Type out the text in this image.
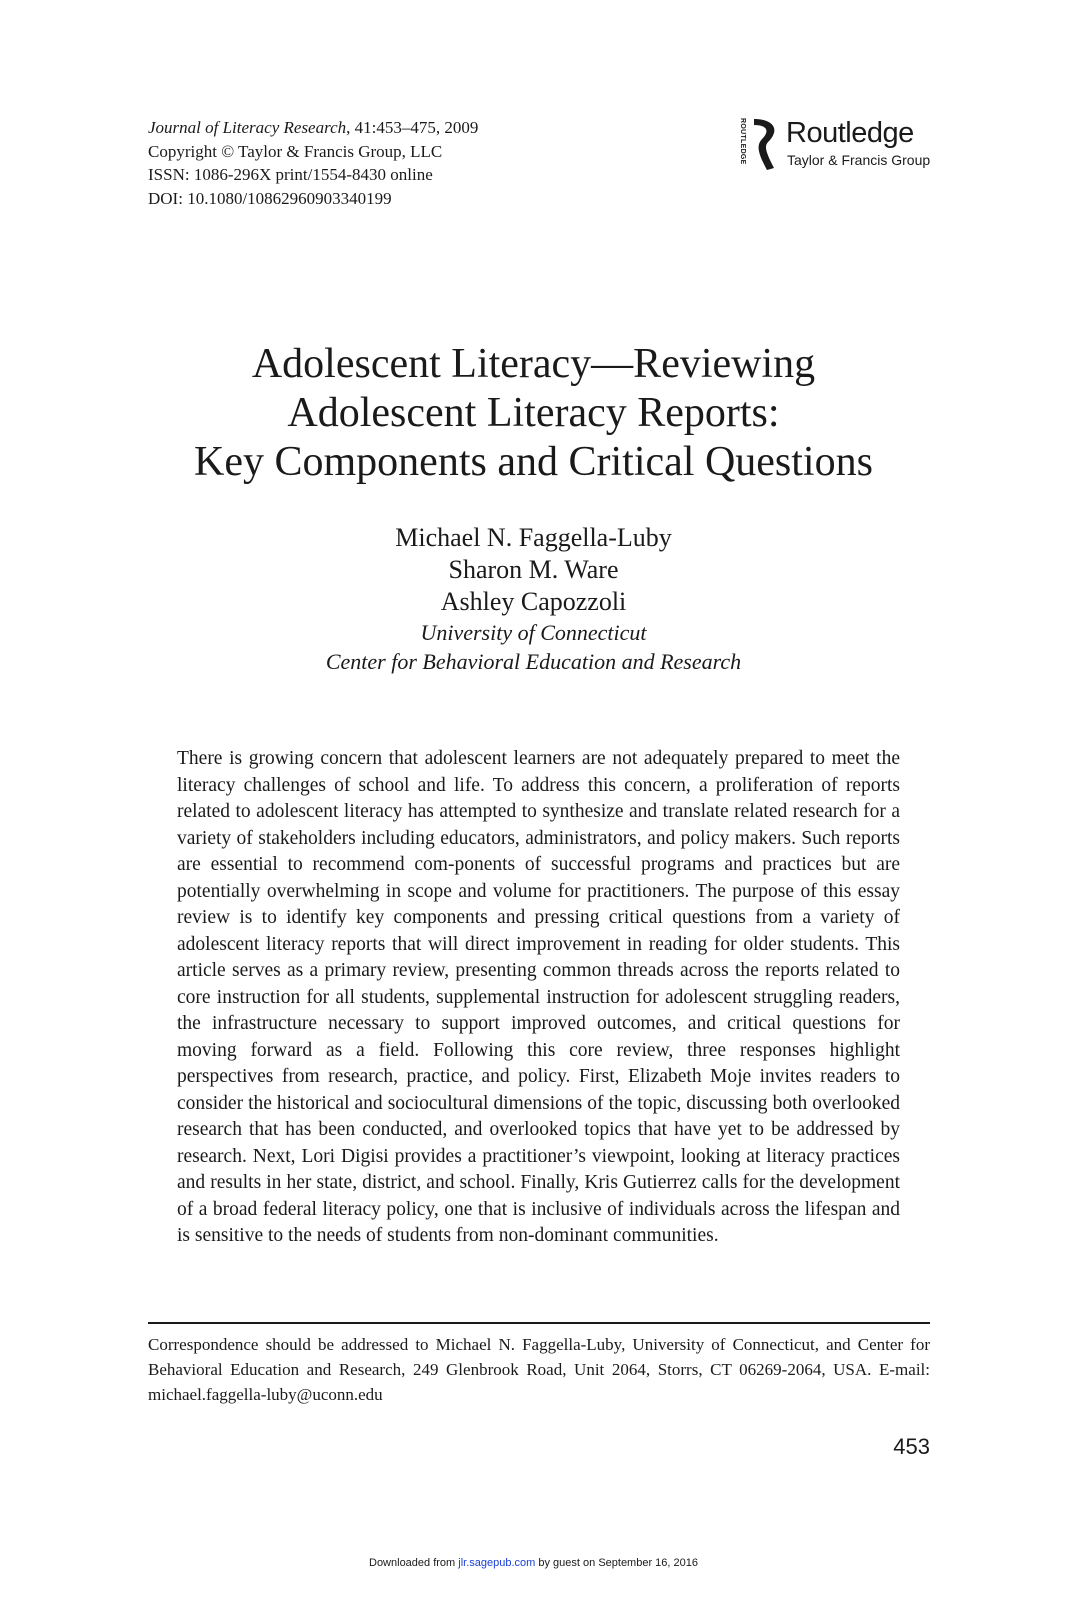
Journal of Literacy Research, 41:453–475, 2009
Copyright © Taylor & Francis Group, LLC
ISSN: 1086-296X print/1554-8430 online
DOI: 10.1080/10862960903340199
ROUTLEDGE Routledge
Taylor & Francis Group
Adolescent Literacy—Reviewing
Adolescent Literacy Reports:
Key Components and Critical Questions
Michael N. Faggella-Luby
Sharon M. Ware
Ashley Capozzoli
University of Connecticut
Center for Behavioral Education and Research

There is growing concern that adolescent learners are not adequately prepared to meet the literacy challenges of school and life. To address this concern, a proliferation of reports related to adolescent literacy has attempted to synthesize and translate related research for a variety of stakeholders including educators, administrators, and policy makers. Such reports are essential to recommend com-ponents of successful programs and practices but are potentially overwhelming in scope and volume for practitioners. The purpose of this essay review is to identify key components and pressing critical questions from a variety of adolescent literacy reports that will direct improvement in reading for older students. This article serves as a primary review, presenting common threads across the reports related to core instruction for all students, supplemental instruction for adolescent struggling readers, the infrastructure necessary to support improved outcomes, and critical questions for moving forward as a field. Following this core review, three responses highlight perspectives from research, practice, and policy. First, Elizabeth Moje invites readers to consider the historical and sociocultural dimensions of the topic, discussing both overlooked research that has been conducted, and overlooked topics that have yet to be addressed by research. Next, Lori Digisi provides a practitioner’s viewpoint, looking at literacy practices and results in her state, district, and school. Finally, Kris Gutierrez calls for the development of a broad federal literacy policy, one that is inclusive of individuals across the lifespan and is sensitive to the needs of students from non-dominant communities.

Correspondence should be addressed to Michael N. Faggella-Luby, University of Connecticut, and Center for Behavioral Education and Research, 249 Glenbrook Road, Unit 2064, Storrs, CT 06269-2064, USA. E-mail: michael.faggella-luby@uconn.edu

453
Downloaded from jlr.sagepub.com by guest on September 16, 2016
